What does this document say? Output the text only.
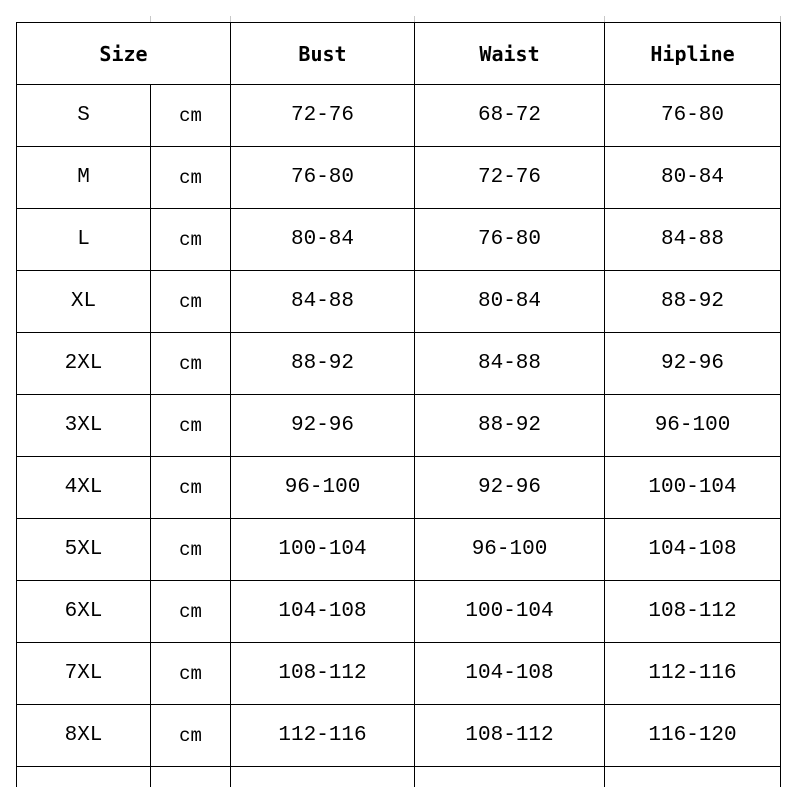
Size		Bust	Waist	Hipline	
S	cm	72-76	68-72	76-80	
M	cm	76-80	72-76	80-84	
L	cm	80-84	76-80	84-88	
XL	cm	84-88	80-84	88-92	
2XL	cm	88-92	84-88	92-96	
3XL	cm	92-96	88-92	96-100	
4XL	cm	96-100	92-96	100-104	
5XL	cm	100-104	96-100	104-108	
6XL	cm	104-108	100-104	108-112	
7XL	cm	108-112	104-108	112-116	
8XL	cm	112-116	108-112	116-120	
